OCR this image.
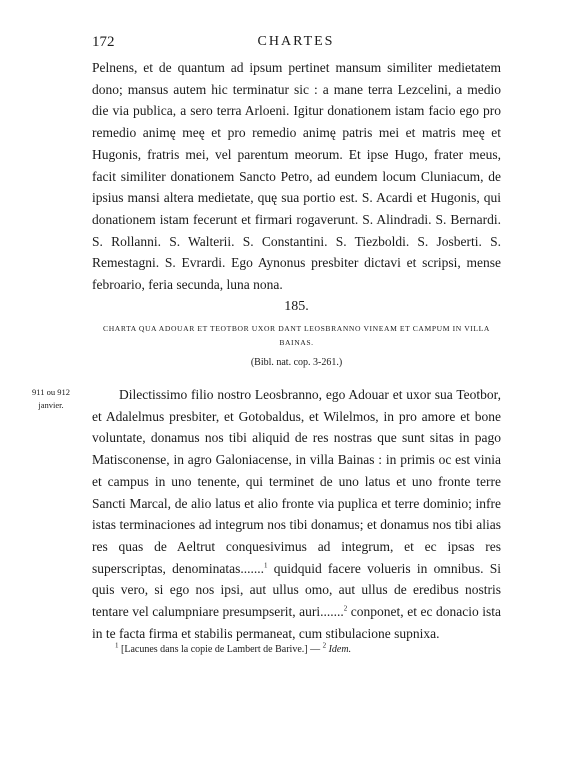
172	CHARTES

Pelnens, et de quantum ad ipsum pertinet mansum similiter medietatem dono; mansus autem hic terminatur sic : a mane terra Lezcelini, a medio die via publica, a sero terra Arloeni. Igitur donationem istam facio ego pro remedio animę meę et pro remedio animę patris mei et matris meę et Hugonis, fratris mei, vel parentum meorum. Et ipse Hugo, frater meus, facit similiter donationem Sancto Petro, ad eundem locum Cluniacum, de ipsius mansi altera medietate, quę sua portio est. S. Acardi et Hugonis, qui donationem istam fecerunt et firmari rogaverunt. S. Alindradi. S. Bernardi. S. Rollanni. S. Walterii. S. Constantini. S. Tiezboldi. S. Josberti. S. Remestagni. S. Evrardi. Ego Aynonus presbiter dictavi et scripsi, mense febroario, feria secunda, luna nona.

185.
CHARTA QUA ADOUAR ET TEOTBOR UXOR DANT LEOSBRANNO VINEAM ET CAMPUM IN VILLA BAINAS.
(Bibl. nat. cop. 3-261.)
911 ou 912
janvier.

Dilectissimo filio nostro Leosbranno, ego Adouar et uxor sua Teotbor, et Adalelmus presbiter, et Gotobaldus, et Wilelmos, in pro amore et bone voluntate, donamus nos tibi aliquid de res nostras que sunt sitas in pago Matisconense, in agro Galoniacense, in villa Bainas : in primis oc est vinia et campus in uno tenente, qui terminet de uno latus et uno fronte terre Sancti Marcal, de alio latus et alio fronte via puplica et terre dominio; infre istas terminaciones ad integrum nos tibi donamus; et donamus nos tibi alias res quas de Aeltrut conquesivimus ad integrum, et ec ipsas res superscriptas, denominatas.......$^1$ quidquid facere volueris in omnibus. Si quis vero, si ego nos ipsi, aut ullus omo, aut ullus de eredibus nostris tentare vel calumpniare presumpserit, auri.......$^2$ conponet, et ec donacio ista in te facta firma et stabilis permaneat, cum stibulacione supnixa.

$^1$ [Lacunes dans la copie de Lambert de Barive.] — $^2$ Idem.
